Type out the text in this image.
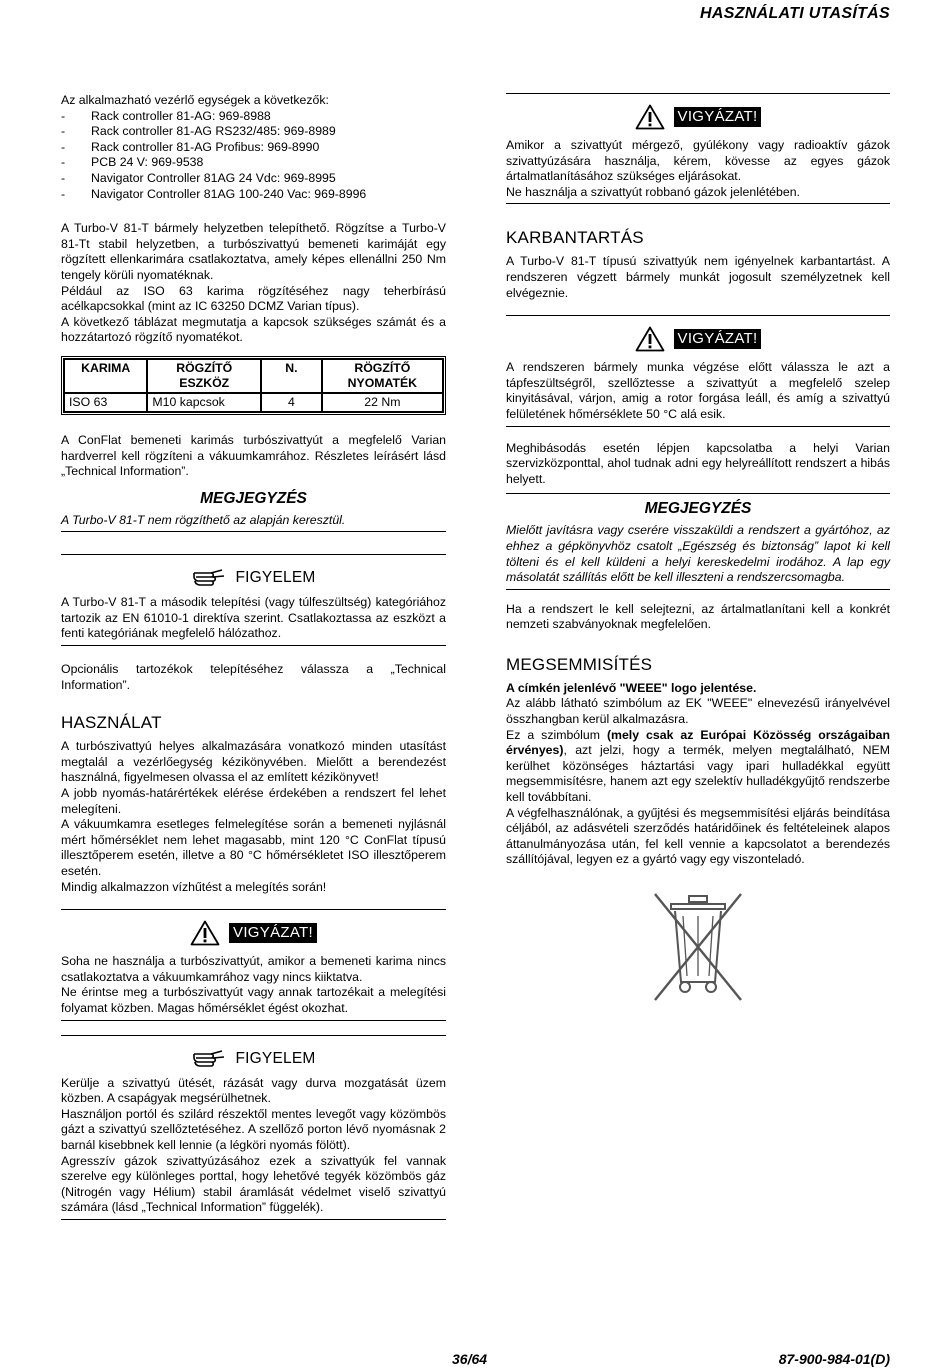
HASZNÁLATI UTASÍTÁS

Az alkalmazható vezérlő egységek a következők:

- Rack controller 81-AG: 969-8988
- Rack controller 81-AG RS232/485: 969-8989
- Rack controller 81-AG Profibus: 969-8990
- PCB 24 V: 969-9538
- Navigator Controller 81AG 24 Vdc: 969-8995
- Navigator Controller 81AG 100-240 Vac: 969-8996

A Turbo-V 81-T bármely helyzetben telepíthető. Rögzítse a Turbo-V 81-Tt stabil helyzetben, a turbószivattyú bemeneti karimáját egy rögzített ellenkarimára csatlakoztatva, amely képes ellenállni 250 Nm tengely körüli nyomatéknak.

Például az ISO 63 karima rögzítéséhez nagy teherbírású acélkapcsokkal (mint az IC 63250 DCMZ Varian típus).

A következő táblázat megmutatja a kapcsok szükséges számát és a hozzátartozó rögzítő nyomatékot.

KARIMA	RÖGZÍTŐ ESZKÖZ	N.	RÖGZÍTŐ NYOMATÉK
ISO 63	M10 kapcsok	4	22 Nm

A ConFlat bemeneti karimás turbószivattyút a megfelelő Varian hardverrel kell rögzíteni a vákuumkamrához. Részletes leírásért lásd „Technical Information”.

MEGJEGYZÉS

A Turbo-V 81-T nem rögzíthető az alapján keresztül.

FIGYELEM

A Turbo-V 81-T a második telepítési (vagy túlfeszültség) kategóriához tartozik az EN 61010-1 direktíva szerint. Csatlakoztassa az eszközt a fenti kategóriának megfelelő hálózathoz.

Opcionális tartozékok telepítéséhez válassza a „Technical Information”.

HASZNÁLAT

A turbószivattyú helyes alkalmazására vonatkozó minden utasítást megtalál a vezérlőegység kézikönyvében. Mielőtt a berendezést használná, figyelmesen olvassa el az említett kézikönyvet!

A jobb nyomás-határértékek elérése érdekében a rendszert fel lehet melegíteni.

A vákuumkamra esetleges felmelegítése során a bemeneti nyjlásnál mért hőmérséklet nem lehet magasabb, mint 120 °C ConFlat típusú illesztőperem esetén, illetve a 80 °C hőmérsékletet ISO illesztőperem esetén.

Mindig alkalmazzon vízhűtést a melegítés során!

VIGYÁZAT!

Soha ne használja a turbószivattyút, amikor a bemeneti karima nincs csatlakoztatva a vákuumkamrához vagy nincs kiiktatva.

Ne érintse meg a turbószivattyút vagy annak tartozékait a melegítési folyamat közben. Magas hőmérséklet égést okozhat.

FIGYELEM

Kerülje a szivattyú ütését, rázását vagy durva mozgatását üzem közben. A csapágyak megsérülhetnek.

Használjon portól és szilárd részektől mentes levegőt vagy közömbös gázt a szivattyú szellőztetéséhez. A szellőző porton lévő nyomásnak 2 barnál kisebbnek kell lennie (a légköri nyomás fölött).

Agresszív gázok szivattyúzásához ezek a szivattyúk fel vannak szerelve egy különleges porttal, hogy lehetővé tegyék közömbös gáz (Nitrogén vagy Hélium) stabil áramlását védelmet viselő szivattyú számára (lásd „Technical Information” függelék).

VIGYÁZAT!

Amikor a szivattyút mérgező, gyúlékony vagy radioaktív gázok szivattyúzására használja, kérem, kövesse az egyes gázok ártalmatlanításához szükséges eljárásokat.

Ne használja a szivattyút robbanó gázok jelenlétében.

KARBANTARTÁS

A Turbo-V 81-T típusú szivattyúk nem igényelnek karbantartást. A rendszeren végzett bármely munkát jogosult személyzetnek kell elvégeznie.

VIGYÁZAT!

A rendszeren bármely munka végzése előtt válassza le azt a tápfeszültségről, szellőztesse a szivattyút a megfelelő szelep kinyitásával, várjon, amig a rotor forgása leáll, és amíg a szivattyú felületének hőmérséklete 50 °C alá esik.

Meghibásodás esetén lépjen kapcsolatba a helyi Varian szervizközponttal, ahol tudnak adni egy helyreállított rendszert a hibás helyett.

MEGJEGYZÉS

Mielőtt javításra vagy cserére visszaküldi a rendszert a gyártóhoz, az ehhez a gépkönyvhöz csatolt „Egészség és biztonság” lapot ki kell tölteni és el kell küldeni a helyi kereskedelmi irodához. A lap egy másolatát szállítás előtt be kell illeszteni a rendszercsomagba.

Ha a rendszert le kell selejtezni, az ártalmatlanítani kell a konkrét nemzeti szabványoknak megfelelően.

MEGSEMMISÍTÉS

A címkén jelenlévő "WEEE" logo jelentése.

Az alább látható szimbólum az EK "WEEE" elnevezésű irányelvével összhangban kerül alkalmazásra.

Ez a szimbólum (mely csak az Európai Közösség országaiban érvényes), azt jelzi, hogy a termék, melyen megtalálható, NEM kerülhet közönséges háztartási vagy ipari hulladékkal együtt megsemmisítésre, hanem azt egy szelektív hulladékgyűjtő rendszerbe kell továbbítani.

A végfelhasználónak, a gyűjtési és megsemmisítési eljárás beindítása céljából, az adásvételi szerződés határidőinek és feltételeinek alapos áttanulmányozása után, fel kell vennie a kapcsolatot a berendezés szállítójával, legyen ez a gyártó vagy egy viszonteladó.

36/64	87-900-984-01(D)
